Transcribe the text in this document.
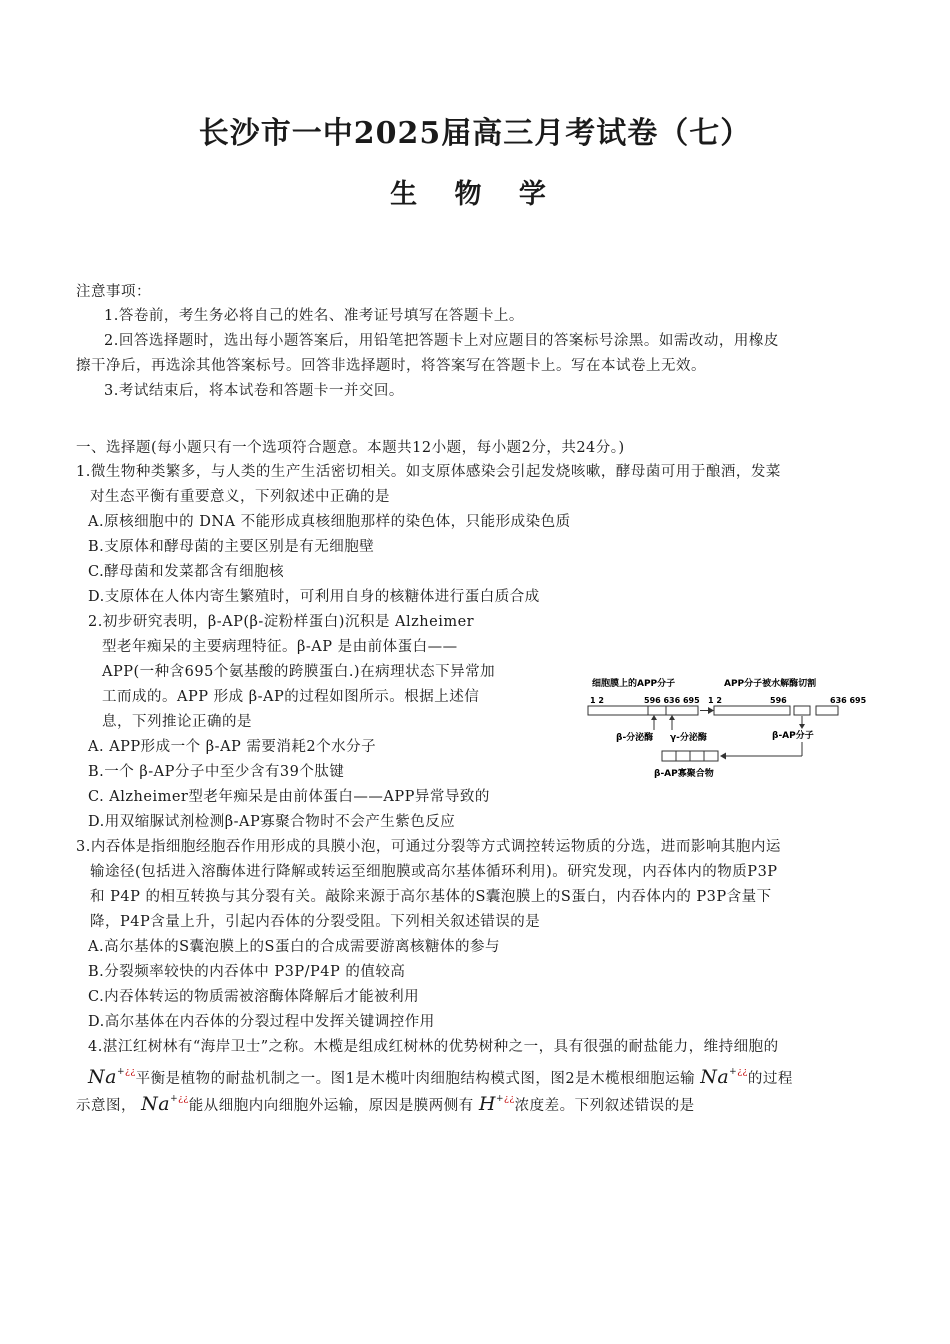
长沙市一中2025届高三月考试卷（七）
生 物 学
注意事项：
1.答卷前，考生务必将自己的姓名、准考证号填写在答题卡上。
2.回答选择题时，选出每小题答案后，用铅笔把答题卡上对应题目的答案标号涂黑。如需改动，用橡皮
擦干净后，再选涂其他答案标号。回答非选择题时，将答案写在答题卡上。写在本试卷上无效。
3.考试结束后，将本试卷和答题卡一并交回。
一、选择题(每小题只有一个选项符合题意。本题共12小题，每小题2分，共24分。)
1.微生物种类繁多，与人类的生产生活密切相关。如支原体感染会引起发烧咳嗽，酵母菌可用于酿酒，发菜
对生态平衡有重要意义，下列叙述中正确的是
A.原核细胞中的 DNA 不能形成真核细胞那样的染色体，只能形成染色质
B.支原体和酵母菌的主要区别是有无细胞壁
C.酵母菌和发菜都含有细胞核
D.支原体在人体内寄生繁殖时，可利用自身的核糖体进行蛋白质合成
2.初步研究表明，β-AP(β-淀粉样蛋白)沉积是 Alzheimer
型老年痴呆的主要病理特征。β-AP 是由前体蛋白——
APP(一种含695个氨基酸的跨膜蛋白.)在病理状态下异常加
工而成的。APP 形成 β-AP的过程如图所示。根据上述信
息，下列推论正确的是
A. APP形成一个 β-AP 需要消耗2个水分子
B.一个 β-AP分子中至少含有39个肽键
C. Alzheimer型老年痴呆是由前体蛋白——APP异常导致的
D.用双缩脲试剂检测β-AP寡聚合物时不会产生紫色反应
细胞膜上的APP分子	APP分子被水解酶切割
1 2	596 636 695 1 2	596	636 695
β-分泌酶 γ-分泌酶	β-AP分子
β-AP寡聚合物
3.内吞体是指细胞经胞吞作用形成的具膜小泡，可通过分裂等方式调控转运物质的分选，进而影响其胞内运
输途径(包括进入溶酶体进行降解或转运至细胞膜或高尔基体循环利用)。研究发现，内吞体内的物质P3P
和 P4P 的相互转换与其分裂有关。敲除来源于高尔基体的S囊泡膜上的S蛋白，内吞体内的 P3P含量下
降，P4P含量上升，引起内吞体的分裂受阻。下列相关叙述错误的是
A.高尔基体的S囊泡膜上的S蛋白的合成需要游离核糖体的参与
B.分裂频率较快的内吞体中 P3P/P4P 的值较高
C.内吞体转运的物质需被溶酶体降解后才能被利用
D.高尔基体在内吞体的分裂过程中发挥关键调控作用
4.湛江红树林有“海岸卫士”之称。木榄是组成红树林的优势树种之一，具有很强的耐盐能力，维持细胞的
Na+¿¿平衡是植物的耐盐机制之一。图1是木榄叶肉细胞结构模式图，图2是木榄根细胞运输 Na+¿¿的过程
示意图， Na+¿¿能从细胞内向细胞外运输，原因是膜两侧有 H+¿¿浓度差。下列叙述错误的是
